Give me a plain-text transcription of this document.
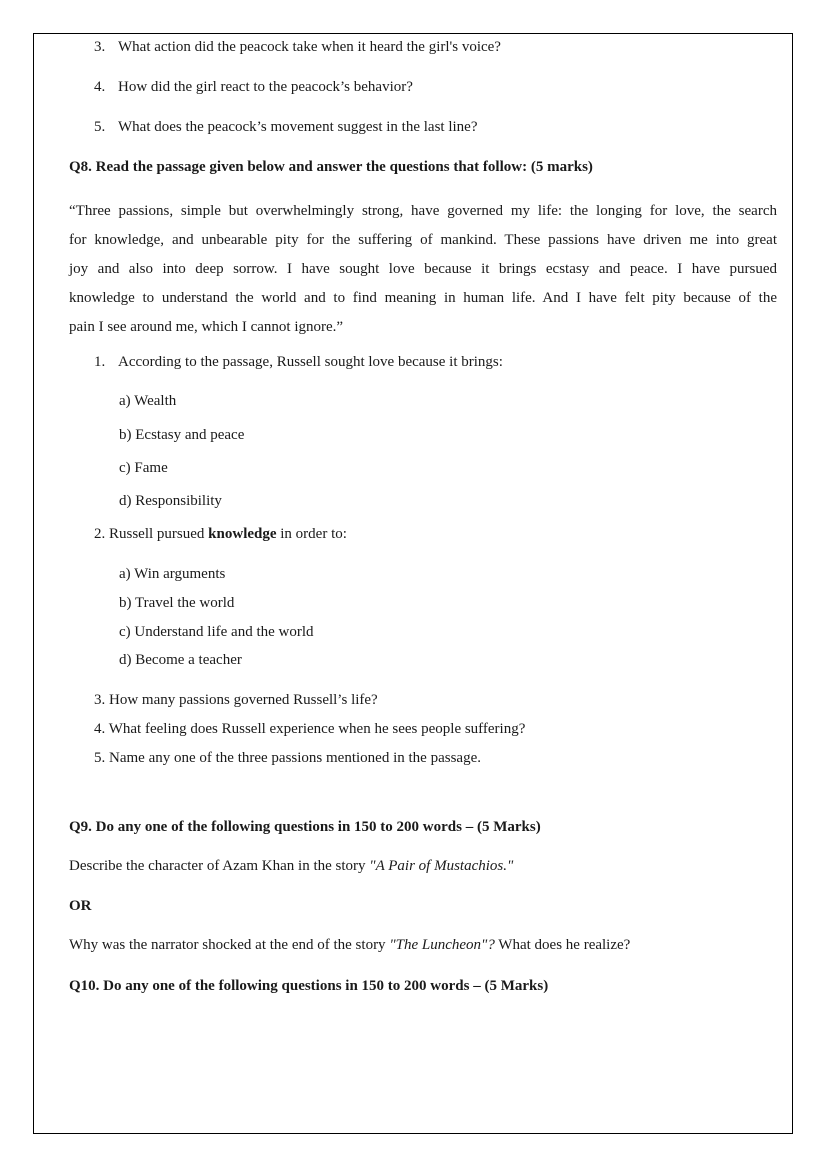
3. What action did the peacock take when it heard the girl's voice?
4. How did the girl react to the peacock’s behavior?
5. What does the peacock’s movement suggest in the last line?
Q8. Read the passage given below and answer the questions that follow: (5 marks)
“Three passions, simple but overwhelmingly strong, have governed my life: the longing for love, the search
for knowledge, and unbearable pity for the suffering of mankind. These passions have driven me into great
joy and also into deep sorrow. I have sought love because it brings ecstasy and peace. I have pursued
knowledge to understand the world and to find meaning in human life. And I have felt pity because of the
pain I see around me, which I cannot ignore.”
1. According to the passage, Russell sought love because it brings:
a) Wealth
b) Ecstasy and peace
c) Fame
d) Responsibility
2. Russell pursued knowledge in order to:
a) Win arguments
b) Travel the world
c) Understand life and the world
d) Become a teacher
3. How many passions governed Russell’s life?
4. What feeling does Russell experience when he sees people suffering?
5. Name any one of the three passions mentioned in the passage.
Q9. Do any one of the following questions in 150 to 200 words – (5 Marks)
Describe the character of Azam Khan in the story "A Pair of Mustachios."
OR
Why was the narrator shocked at the end of the story "The Luncheon"? What does he realize?
Q10. Do any one of the following questions in 150 to 200 words – (5 Marks)
